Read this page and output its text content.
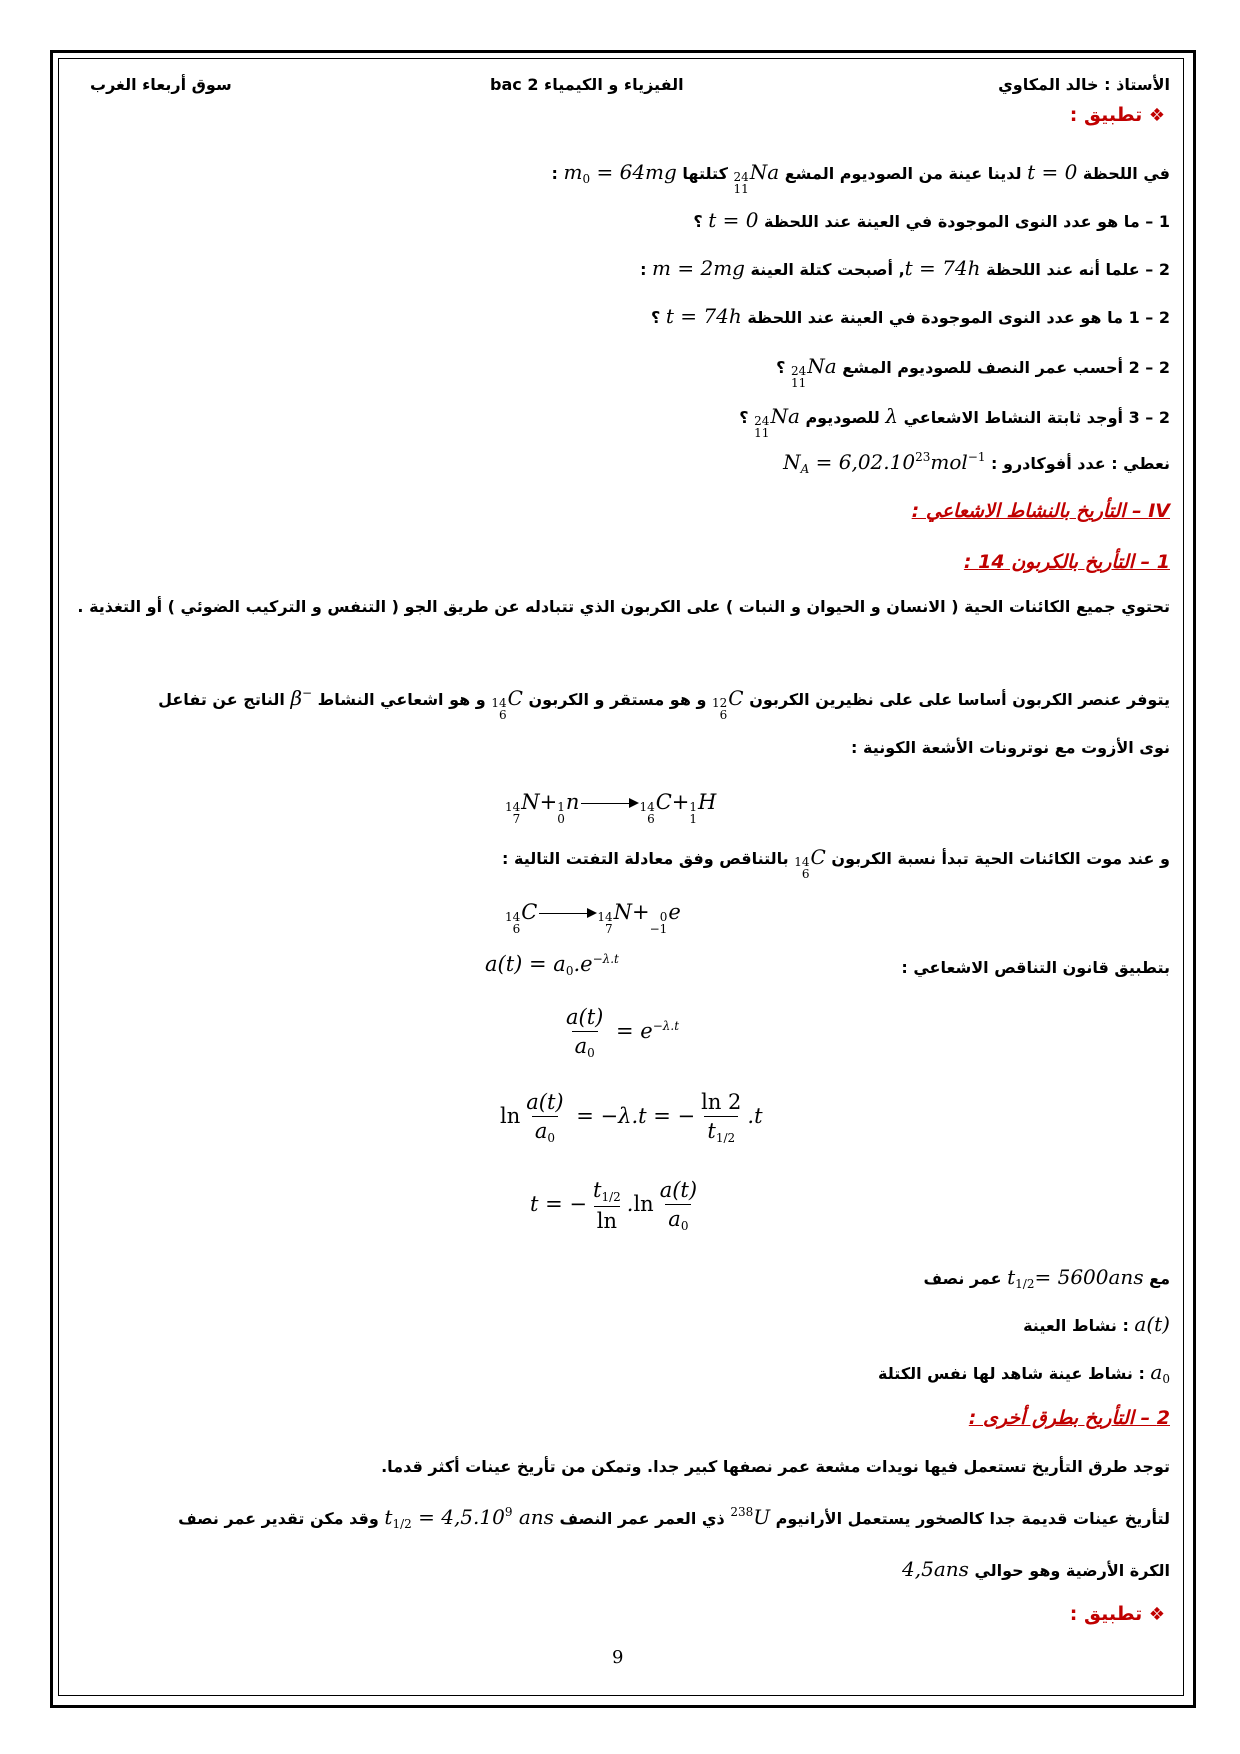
الأستاذ : خالد المكاوي
الفيزياء و الكيمياء 2 bac
سوق أربعاء الغرب
❖ تطبيق :
في اللحظة t = 0 لدينا عينة من الصوديوم المشع
24
11
Na كتلتها $m_0 = 64mg$ :
1 – ما هو عدد النوى الموجودة في العينة عند اللحظة t = 0 ؟
2 – علما أنه عند اللحظة t = 74h, أصبحت كتلة العينة m = 2mg :
2 – 1 ما هو عدد النوى الموجودة في العينة عند اللحظة t = 74h ؟
2 – 2 أحسب عمر النصف للصوديوم المشع
24
11
Na ؟
2 – 3 أوجد ثابتة النشاط الاشعاعي λ للصوديوم
24
11
Na ؟
نعطي : عدد أفوكادرو : $N_A = 6,02.10^{23}mol^{-1}$
IV – التأريخ بالنشاط الاشعاعي :
1 – التأريخ بالكربون 14 :
تحتوي جميع الكائنات الحية ( الانسان و الحيوان و النبات ) على الكربون الذي تتبادله عن طريق الجو ( التنفس و التركيب الضوئي ) أو التغذية .
يتوفر عنصر الكربون أساسا على على نظيرين الكربون
12
6
C و هو مستقر و الكربون
14
6
C و هو اشعاعي النشاط β− الناتج عن تفاعل
نوى الأزوت مع نوترونات الأشعة الكونية :
14
7
N+ 1
0
n	14
6
C+ 1
1
H
و عند موت الكائنات الحية تبدأ نسبة الكربون
14
6
C بالتناقص وفق معادلة التفتت التالية :
14
6
C	14
7
N+ 0
−1
e
بتطبيق قانون التناقص الاشعاعي :
$a(t) = a_0.e^{-\lambda.t}$
$\frac{a(t)}{a_0} = e^{-\lambda.t}$
$\ln \frac{a(t)}{a_0} = -\lambda.t$ = − $\frac{\ln 2}{t_{1/2}} .t$
t = − $\frac{t_{1/2}}{\ln} .\ln \frac{a(t)}{a_0}$
مع $t_{1/2}= 5600ans$ عمر نصف
a(t) : نشاط العينة
$a_0$ : نشاط عينة شاهد لها نفس الكتلة
2 – التأريخ بطرق أخرى :
توجد طرق التأريخ تستعمل فيها نويدات مشعة عمر نصفها كبير جدا. وتمكن من تأريخ عينات أكثر قدما.
لتأريخ عينات قديمة جدا كالصخور يستعمل الأرانيوم $^{238}$U ذي العمر عمر النصف $t_{1/2} = 4,5.10^9$ ans وقد مكن تقدير عمر نصف
الكرة الأرضية وهو حوالي 4,5ans
❖ تطبيق :
9
